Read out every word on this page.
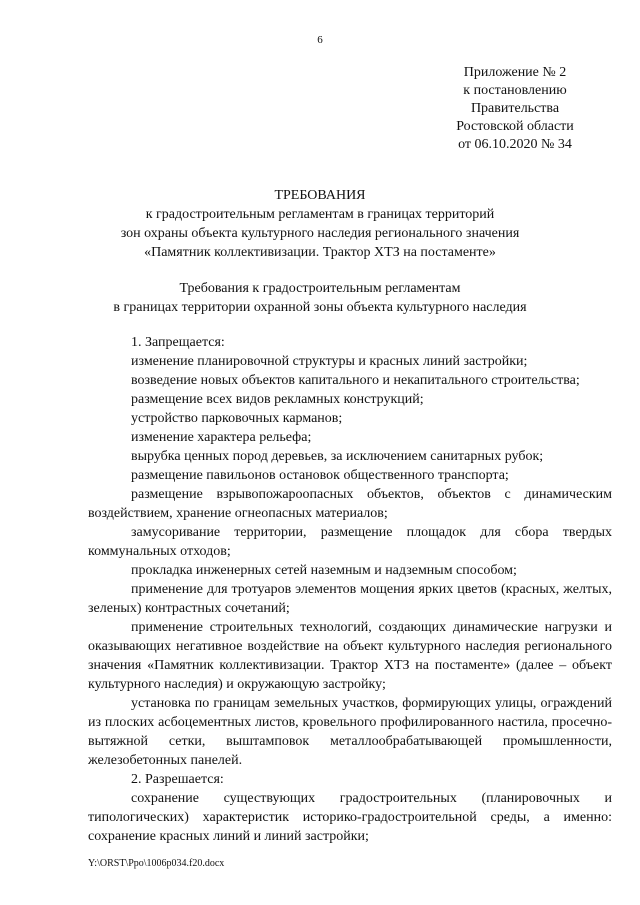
6
Приложение № 2
к постановлению
Правительства
Ростовской области
от 06.10.2020 № 34
ТРЕБОВАНИЯ
к градостроительным регламентам в границах территорий
зон охраны объекта культурного наследия регионального значения
«Памятник коллективизации. Трактор ХТЗ на постаменте»
Требования к градостроительным регламентам
в границах территории охранной зоны объекта культурного наследия
1. Запрещается:
изменение планировочной структуры и красных линий застройки;
возведение новых объектов капитального и некапитального строительства;
размещение всех видов рекламных конструкций;
устройство парковочных карманов;
изменение характера рельефа;
вырубка ценных пород деревьев, за исключением санитарных рубок;
размещение павильонов остановок общественного транспорта;
размещение взрывопожароопасных объектов, объектов с динамическим воздействием, хранение огнеопасных материалов;
замусоривание территории, размещение площадок для сбора твердых коммунальных отходов;
прокладка инженерных сетей наземным и надземным способом;
применение для тротуаров элементов мощения ярких цветов (красных, желтых, зеленых) контрастных сочетаний;
применение строительных технологий, создающих динамические нагрузки и оказывающих негативное воздействие на объект культурного наследия регионального значения «Памятник коллективизации. Трактор ХТЗ на постаменте» (далее – объект культурного наследия) и окружающую застройку;
установка по границам земельных участков, формирующих улицы, ограждений из плоских асбоцементных листов, кровельного профилированного настила, просечно-вытяжной сетки, выштамповок металлообрабатывающей промышленности, железобетонных панелей.
2. Разрешается:
сохранение существующих градостроительных (планировочных и типологических) характеристик историко-градостроительной среды, а именно: сохранение красных линий и линий застройки;
Y:\ORST\Ppo\1006p034.f20.docx
